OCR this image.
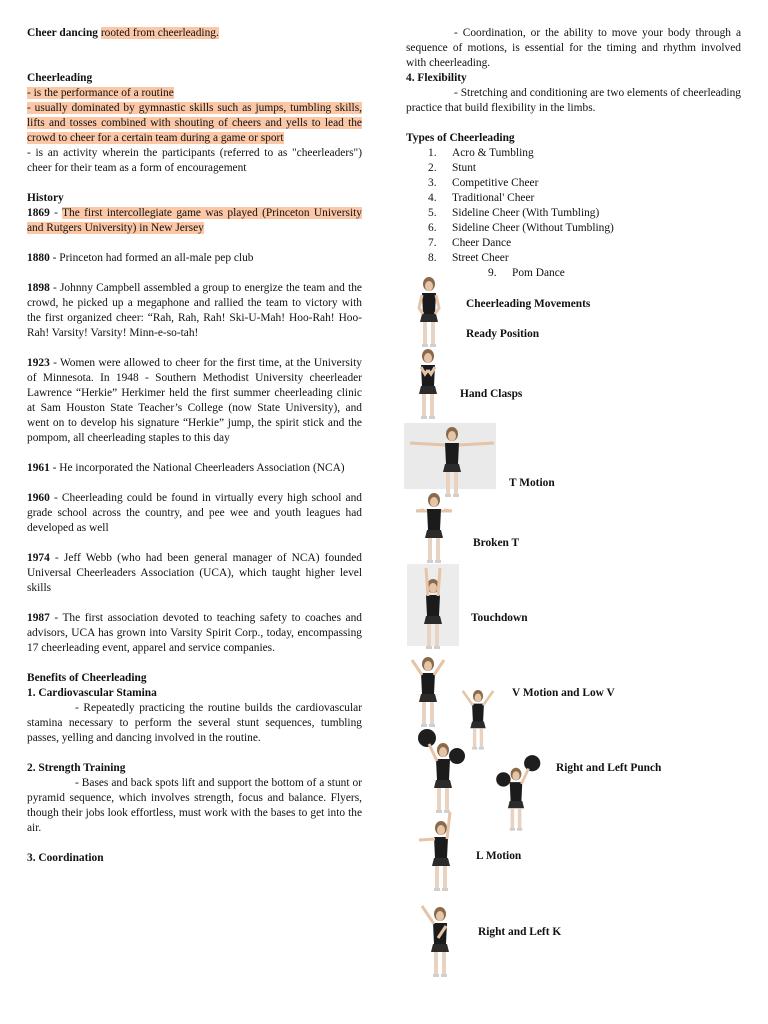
Cheer dancing rooted from cheerleading.

Cheerleading

- is the performance of a routine

- usually dominated by gymnastic skills such as jumps, tumbling skills, lifts and tosses combined with shouting of cheers and yells to lead the crowd to cheer for a certain team during a game or sport

- is an activity wherein the participants (referred to as "cheerleaders") cheer for their team as a form of encouragement

History

1869 - The first intercollegiate game was played (Princeton University and Rutgers University) in New Jersey

1880 - Princeton had formed an all-male pep club

1898 - Johnny Campbell assembled a group to energize the team and the crowd, he picked up a megaphone and rallied the team to victory with the first organized cheer: “Rah, Rah, Rah! Ski-U-Mah! Hoo-Rah! Hoo-Rah! Varsity! Varsity! Minn-e-so-tah!

1923 - Women were allowed to cheer for the first time, at the University of Minnesota. In 1948 - Southern Methodist University cheerleader Lawrence “Herkie” Herkimer held the first summer cheerleading clinic at Sam Houston State Teacher’s College (now State University), and went on to develop his signature “Herkie” jump, the spirit stick and the pompom, all cheerleading staples to this day

1961 - He incorporated the National Cheerleaders Association (NCA)

1960 - Cheerleading could be found in virtually every high school and grade school across the country, and pee wee and youth leagues had developed as well

1974 - Jeff Webb (who had been general manager of NCA) founded Universal Cheerleaders Association (UCA), which taught higher level skills

1987 - The first association devoted to teaching safety to coaches and advisors, UCA has grown into Varsity Spirit Corp., today, encompassing 17 cheerleading event, apparel and service companies.

Benefits of Cheerleading

1. Cardiovascular Stamina

- Repeatedly practicing the routine builds the cardiovascular stamina necessary to perform the several stunt sequences, tumbling passes, yelling and dancing involved in the routine.

2. Strength Training

- Bases and back spots lift and support the bottom of a stunt or pyramid sequence, which involves strength, focus and balance. Flyers, though their jobs look effortless, must work with the bases to get into the air.

3. Coordination

- Coordination, or the ability to move your body through a sequence of motions, is essential for the timing and rhythm involved with cheerleading.

4. Flexibility

- Stretching and conditioning are two elements of cheerleading practice that build flexibility in the limbs.

Types of Cheerleading

1. Acro & Tumbling
2. Stunt
3. Competitive Cheer
4. Traditional' Cheer
5. Sideline Cheer (With Tumbling)
6. Sideline Cheer (Without Tumbling)
7. Cheer Dance
8. Street Cheer
9. Pom Dance
Cheerleading Movements
Ready Position
Hand Clasps
T Motion
Broken T
Touchdown
V Motion and Low V
Right and Left Punch
L Motion
Right and Left K
